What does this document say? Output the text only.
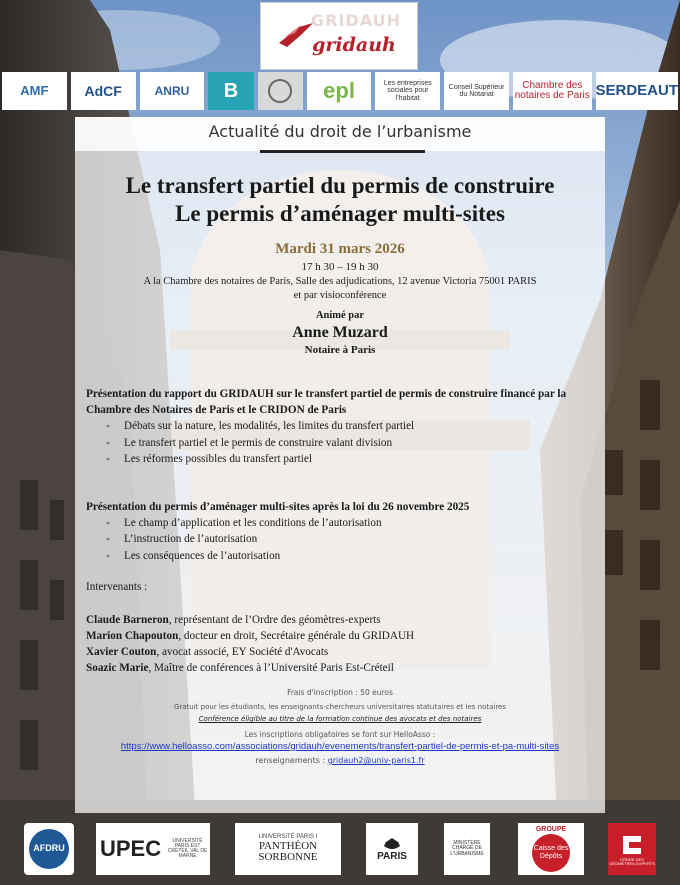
GRIDAUH
gridauh
AMF	AdCF	ANRU B	epl	Les entreprises sociales pour l'habitat
Conseil Supérieur du Notariat
Chambre des notaires de Paris SERDEAUT
Actualité du droit de l’urbanisme
Le transfert partiel du permis de construire
Le permis d’aménager multi-sites
Mardi 31 mars 2026
17 h 30 – 19 h 30
A la Chambre des notaires de Paris, Salle des adjudications, 12 avenue Victoria 75001 PARIS
et par visioconférence
Animé par
Anne Muzard
Notaire à Paris
Présentation du rapport du GRIDAUH sur le transfert partiel de permis de construire financé par la Chambre des Notaires de Paris et le CRIDON de Paris
- Débats sur la nature, les modalités, les limites du transfert partiel
- Le transfert partiel et le permis de construire valant division
- Les réformes possibles du transfert partiel
Présentation du permis d’aménager multi-sites après la loi du 26 novembre 2025
- Le champ d’application et les conditions de l’autorisation
- L’instruction de l’autorisation
- Les conséquences de l’autorisation
Intervenants :
Claude Barneron, représentant de l’Ordre des géomètres-experts
Marion Chapouton, docteur en droit, Secrétaire générale du GRIDAUH
Xavier Couton, avocat associé, EY Société d'Avocats
Soazic Marie, Maître de conférences à l’Université Paris Est-Créteil
Frais d'inscription : 50 euros
Gratuit pour les étudiants, les enseignants-chercheurs universitaires statutaires et les notaires
Conférence éligible au titre de la formation continue des avocats et des notaires
Les inscriptions obligatoires se font sur HelloAsso :
https://www.helloasso.com/associations/gridauh/evenements/transfert-partiel-de-permis-et-pa-multi-sites
renseignements : gridauh2@univ-paris1.fr
AFDRU UPEC	UNIVERSITÉ PARIS EST CRÉTEIL VAL DE MARNE
UNIVERSITÉ PARIS I
PANTHÉON SORBONNE	PARIS
MINISTÈRE CHARGÉ DE L'URBANISME
GROUPE
Caisse des Dépôts	ORDRE DES GÉOMÈTRES-EXPERTS
